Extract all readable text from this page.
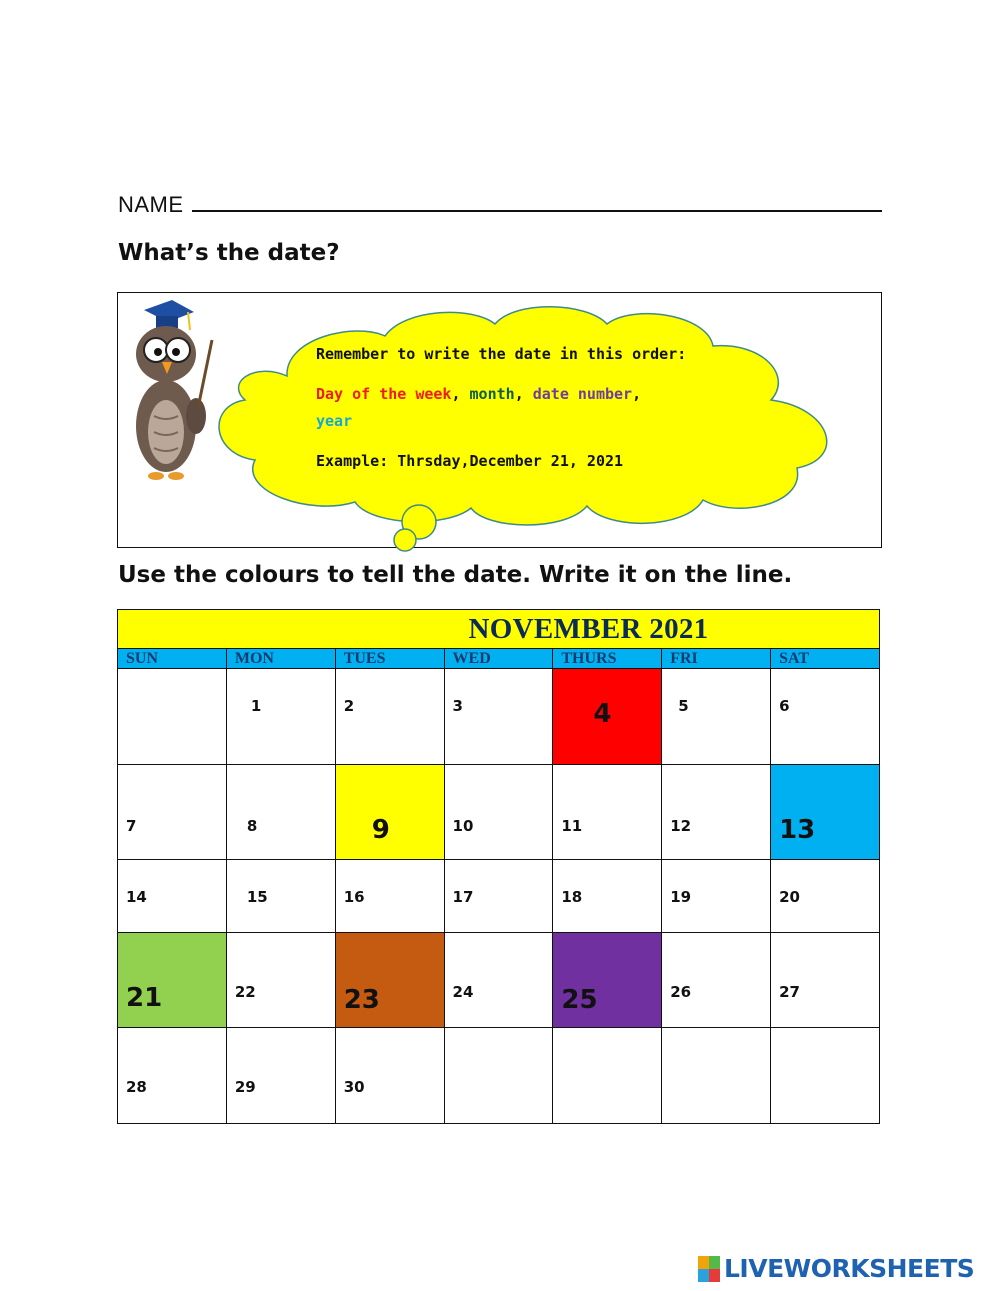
NAME
What’s the date?
Remember to write the date in this order:
Day of the week, month, date number,
year
Example: Thrsday,December 21, 2021
Use the colours to tell the date. Write it on the line.
NOVEMBER 2021						
SUN	MON	TUES	WED	THURS	FRI	SAT

	1	2	3	4	5	6

7	8	9	10	11	12	13

14	15	16	17	18	19	20

21	22	23	24	25	26	27

28	29	30				

LIVEWORKSHEETS
